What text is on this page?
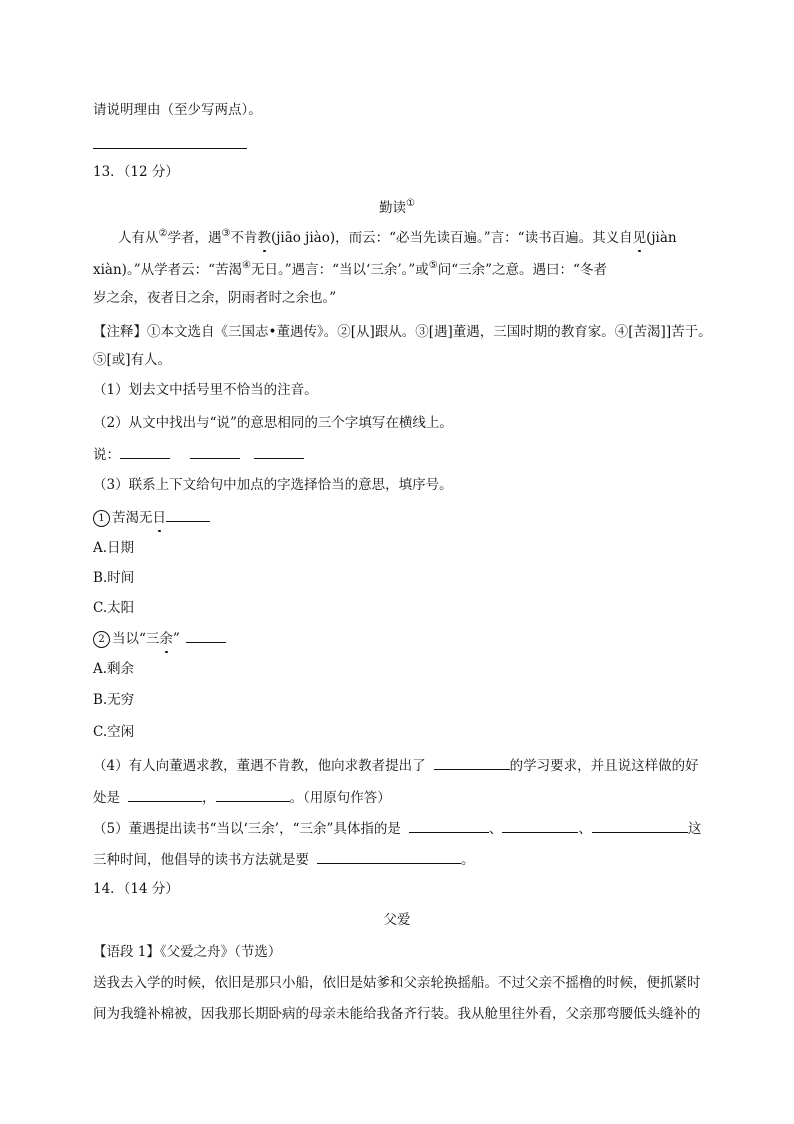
请说明理由（至少写两点）。
13．（12 分）
勤读①
人有从②学者，遇③不肯教(jiāo jiào)，而云：“必当先读百遍。”言：“读书百遍。其义自见(jiàn
xiàn)。”从学者云：“苦渴④无日。”遇言：“当以‘三余’。”或⑤问“三余”之意。遇曰：“冬者
岁之余，夜者日之余，阴雨者时之余也。”
【注释】①本文选自《三国志•董遇传》。②[从]跟从。③[遇]董遇，三国时期的教育家。④[苦渴]]苦于。
⑤[或]有人。
（1）划去文中括号里不恰当的注音。
（2）从文中找出与“说”的意思相同的三个字填写在横线上。
说：
（3）联系上下文给句中加点的字选择恰当的意思，填序号。
1 苦渴无日
A.日期
B.时间
C.太阳
2 当以“三余”
A.剩余
B.无穷
C.空闲
（4）有人向董遇求教，董遇不肯教，他向求教者提出了	的学习要求，并且说这样做的好
处是	，	。（用原句作答）
（5）董遇提出读书“当以‘三余’，“三余”具体指的是	、	、	这
三种时间，他倡导的读书方法就是要	。
14．（14 分）
父爱
【语段 1】《父爱之舟》（节选）
送我去入学的时候，依旧是那只小船，依旧是姑爹和父亲轮换摇船。不过父亲不摇橹的时候，便抓紧时
间为我缝补棉被，因我那长期卧病的母亲未能给我备齐行装。我从舱里往外看，父亲那弯腰低头缝补的
